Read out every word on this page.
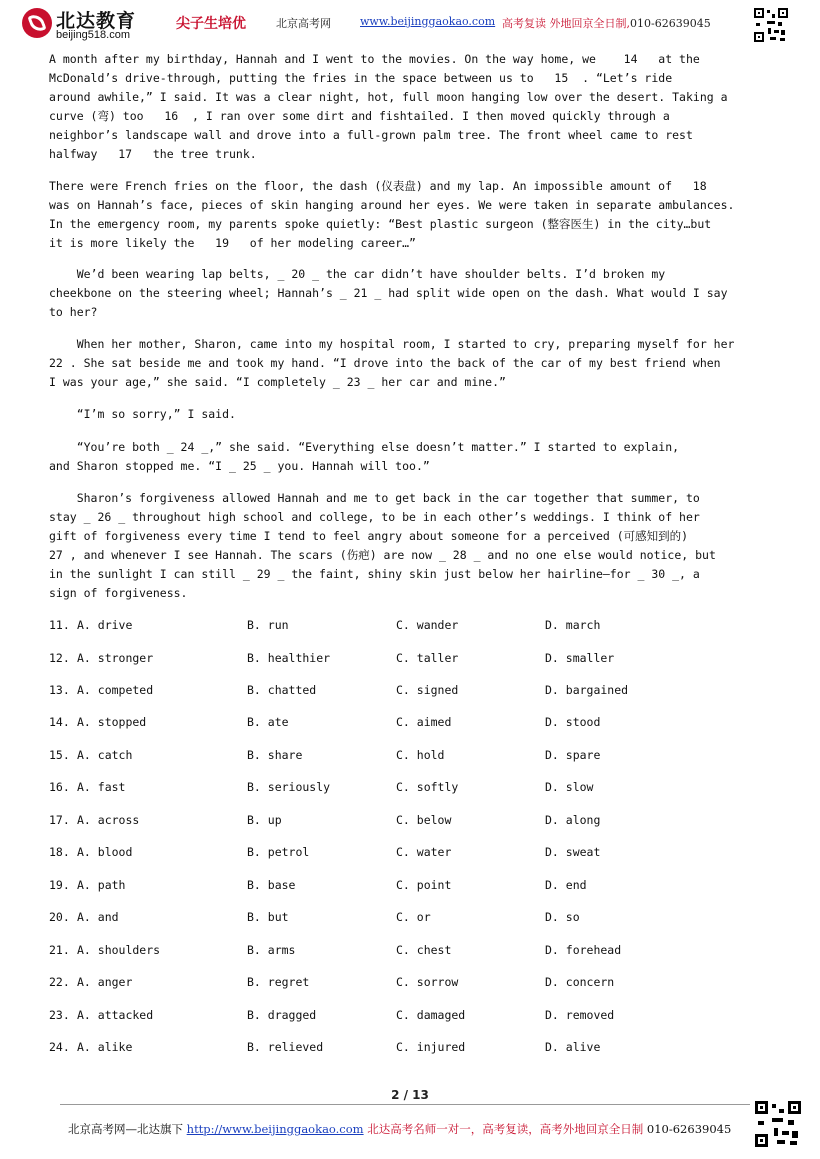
北达教育
beijing518.com
尖子生培优	北京高考网	www.beijinggaokao.com 高考复读 外地回京全日制,010-62639045

A month after my birthday, Hannah and I went to the movies. On the way home, we    14   at the
McDonald’s drive-through, putting the fries in the space between us to   15  . “Let’s ride
around awhile,” I said. It was a clear night, hot, full moon hanging low over the desert. Taking a
curve (弯) too   16  , I ran over some dirt and fishtailed. I then moved quickly through a
neighbor’s landscape wall and drove into a full-grown palm tree. The front wheel came to rest
halfway   17   the tree trunk.

There were French fries on the floor, the dash (仪表盘) and my lap. An impossible amount of   18
was on Hannah’s face, pieces of skin hanging around her eyes. We were taken in separate ambulances.
In the emergency room, my parents spoke quietly: “Best plastic surgeon (整容医生) in the city…but
it is more likely the   19   of her modeling career…”

We’d been wearing lap belts, _ 20 _ the car didn’t have shoulder belts. I’d broken my
cheekbone on the steering wheel; Hannah’s _ 21 _ had split wide open on the dash. What would I say
to her?

When her mother, Sharon, came into my hospital room, I started to cry, preparing myself for her
22 . She sat beside me and took my hand. “I drove into the back of the car of my best friend when
I was your age,” she said. “I completely _ 23 _ her car and mine.”

“I’m so sorry,” I said.

“You’re both _ 24 _,” she said. “Everything else doesn’t matter.” I started to explain,
and Sharon stopped me. “I _ 25 _ you. Hannah will too.”

Sharon’s forgiveness allowed Hannah and me to get back in the car together that summer, to
stay _ 26 _ throughout high school and college, to be in each other’s weddings. I think of her
gift of forgiveness every time I tend to feel angry about someone for a perceived (可感知到的)
27 , and whenever I see Hannah. The scars (伤疤) are now _ 28 _ and no one else would notice, but
in the sunlight I can still _ 29 _ the faint, shiny skin just below her hairline—for _ 30 _, a
sign of forgiveness.

11. A. drive	B. run	C. wander	D. march
12. A. stronger	B. healthier	C. taller	D. smaller
13. A. competed	B. chatted	C. signed	D. bargained
14. A. stopped	B. ate	C. aimed	D. stood
15. A. catch	B. share	C. hold	D. spare
16. A. fast	B. seriously	C. softly	D. slow
17. A. across	B. up	C. below	D. along
18. A. blood	B. petrol	C. water	D. sweat
19. A. path	B. base	C. point	D. end
20. A. and	B. but	C. or	D. so
21. A. shoulders	B. arms	C. chest	D. forehead
22. A. anger	B. regret	C. sorrow	D. concern
23. A. attacked	B. dragged	C. damaged	D. removed
24. A. alike	B. relieved	C. injured	D. alive
2 / 13
北京高考网—北达旗下 http://www.beijinggaokao.com 北达高考名师一对一，高考复读，高考外地回京全日制 010-62639045
